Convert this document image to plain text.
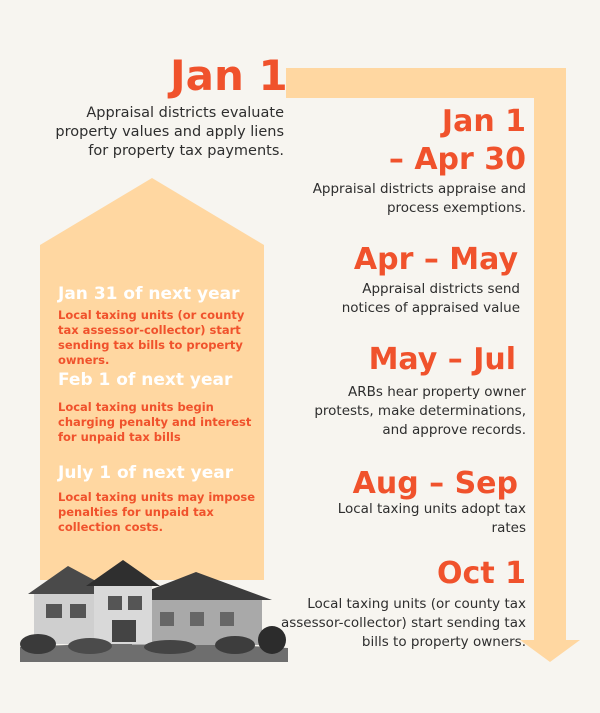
Jan 1
Appraisal districts evaluate property values and apply liens for property tax payments.
Jan 1
– Apr 30
Appraisal districts appraise and process exemptions.
Apr – May
Appraisal districts send notices of appraised value
May – Jul
ARBs hear property owner protests, make determinations, and approve records.
Aug – Sep
Local taxing units adopt tax rates
Oct 1
Local taxing units (or county tax assessor-collector) start sending tax bills to property owners.
Jan 31 of next year
Local taxing units (or county tax assessor-collector) start sending tax bills to property owners.
Feb 1 of next year
Local taxing units begin charging penalty and interest for unpaid tax bills
July 1 of next year
Local taxing units may impose penalties for unpaid tax collection costs.
